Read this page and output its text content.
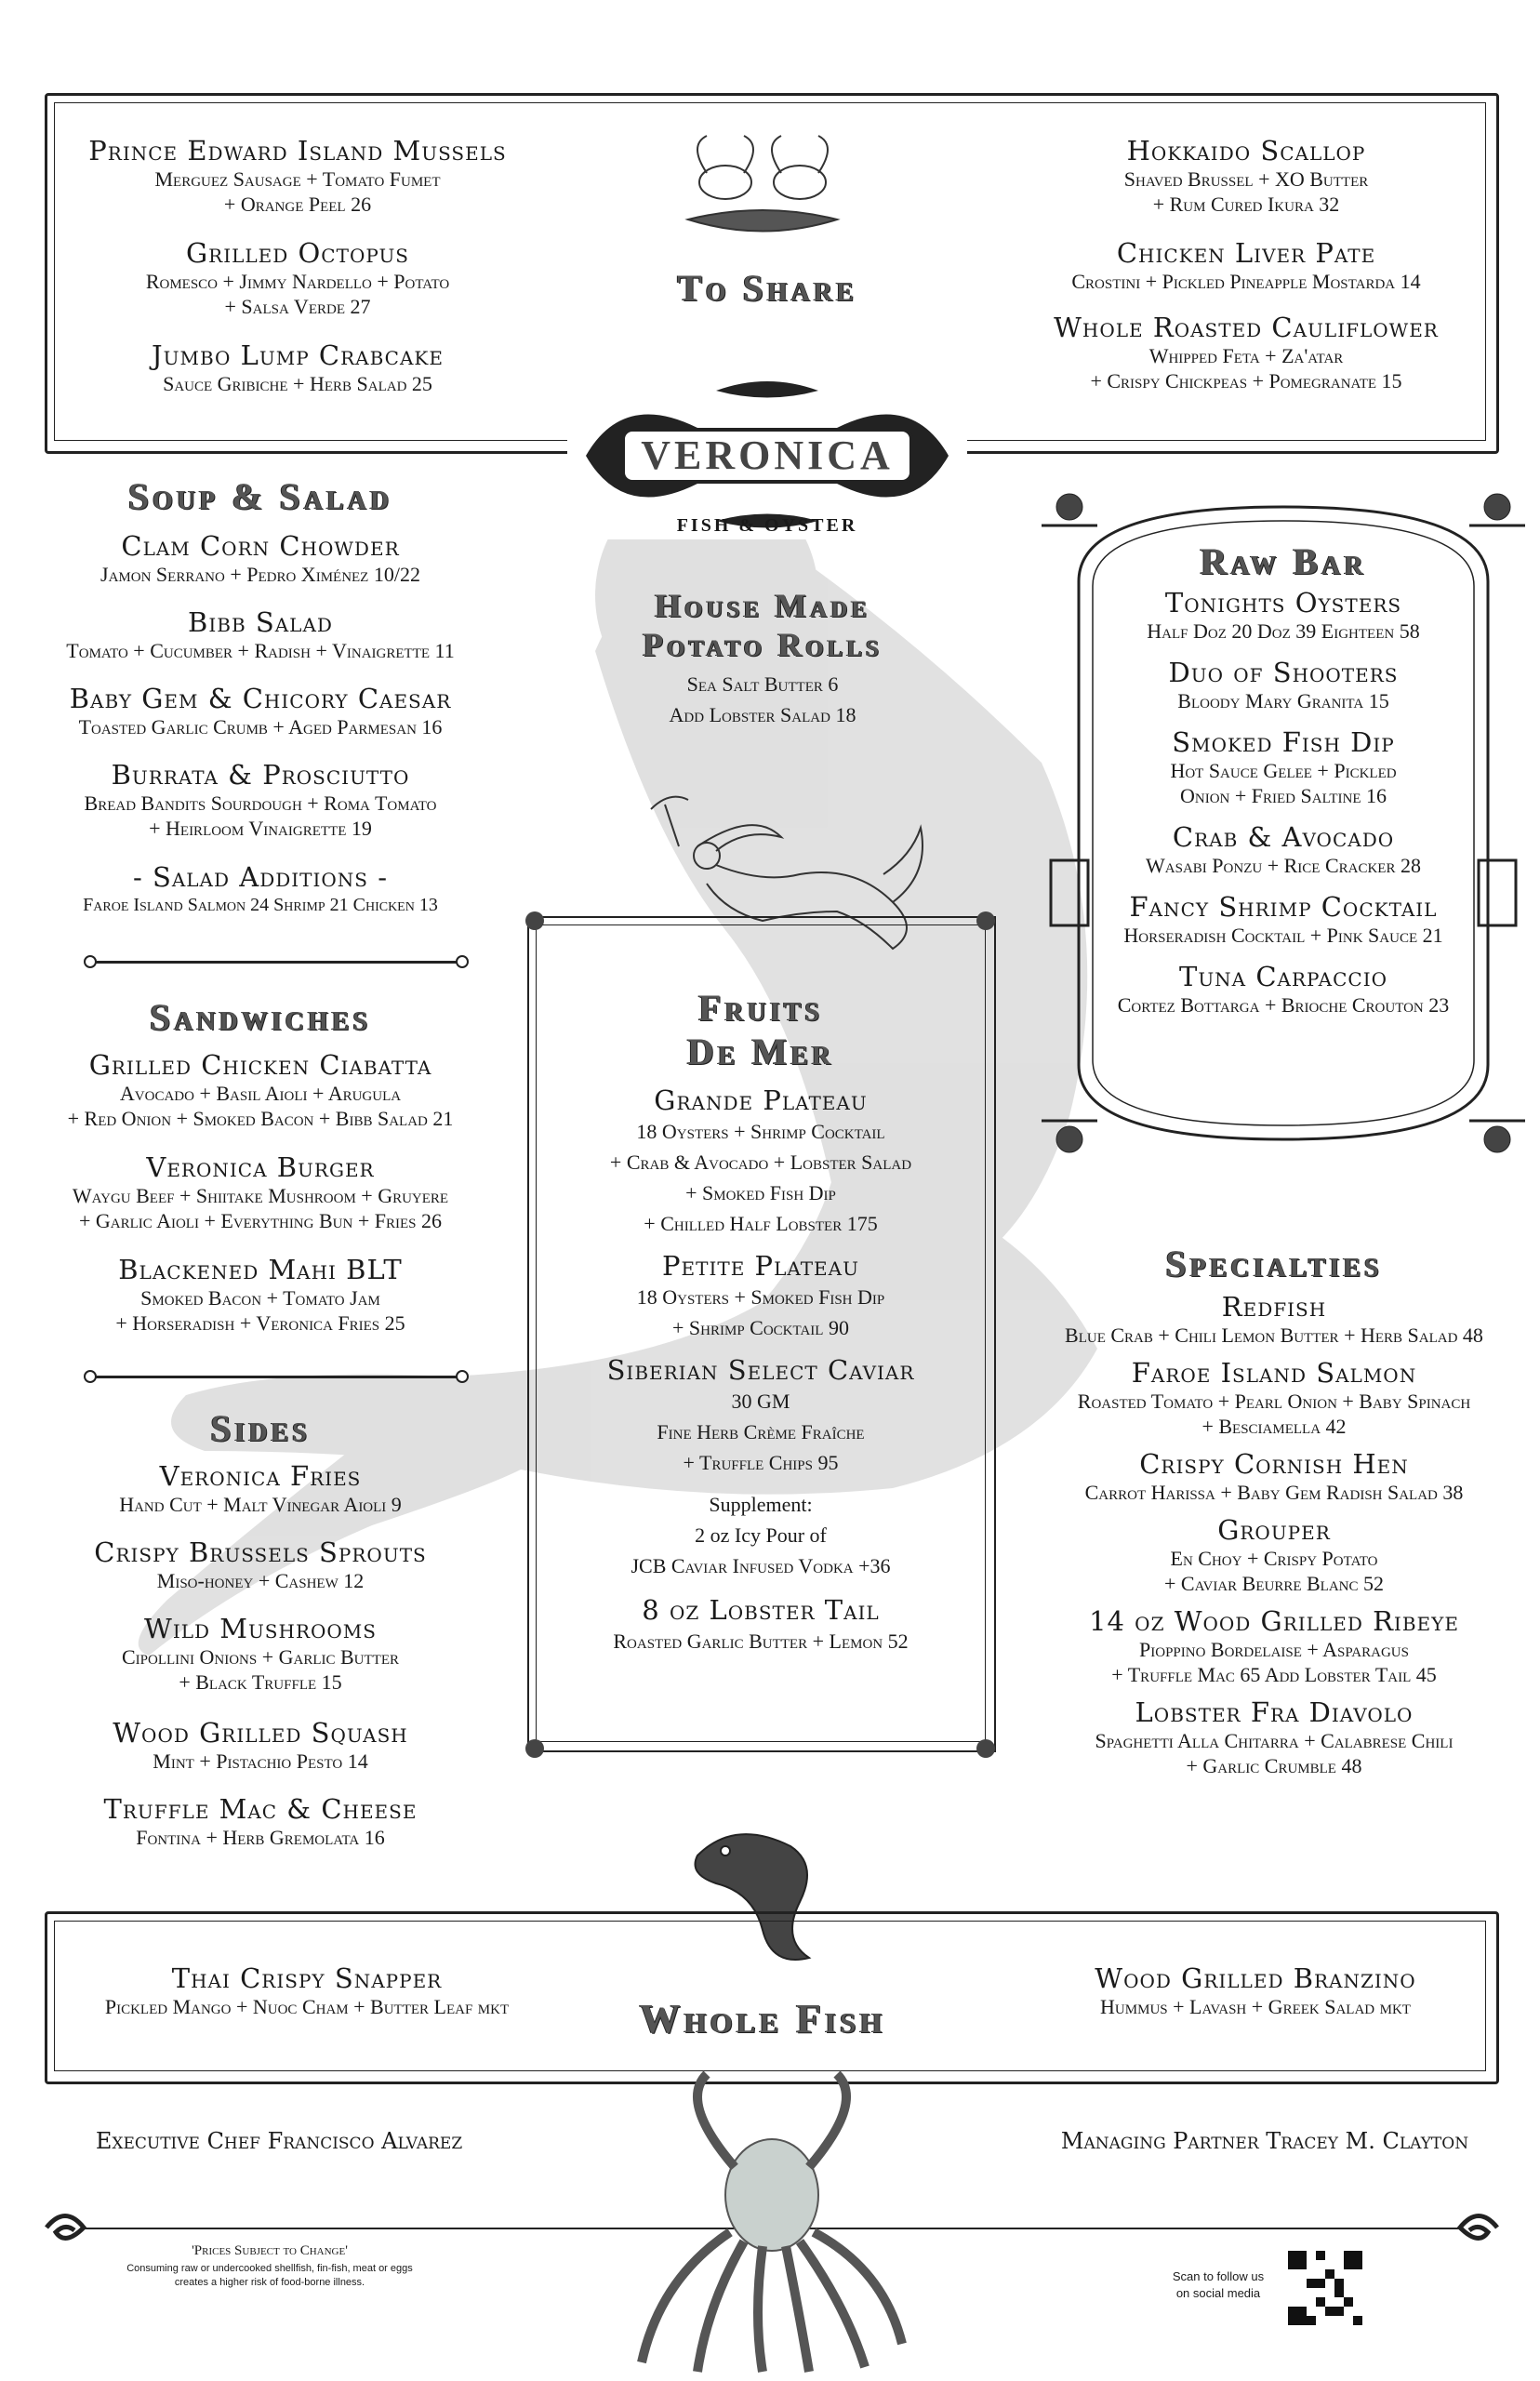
To Share
Prince Edward Island Mussels
Merguez Sausage + Tomato Fumet
+ Orange Peel 26
Grilled Octopus
Romesco + Jimmy Nardello + Potato
+ Salsa Verde 27
Jumbo Lump Crabcake
Sauce Gribiche + Herb Salad 25
Hokkaido Scallop
Shaved Brussel + XO Butter
+ Rum Cured Ikura 32
Chicken Liver Pate
Crostini + Pickled Pineapple Mostarda 14
Whole Roasted Cauliflower
Whipped Feta + Za'atar
+ Crispy Chickpeas + Pomegranate 15
VERONICA
FISH & OYSTER
Soup & Salad
Clam Corn Chowder
Jamon Serrano + Pedro Ximénez 10/22
Bibb Salad
Tomato + Cucumber + Radish + Vinaigrette 11
Baby Gem & Chicory Caesar
Toasted Garlic Crumb + Aged Parmesan 16
Burrata & Prosciutto
Bread Bandits Sourdough + Roma Tomato
+ Heirloom Vinaigrette 19
- Salad Additions -
Faroe Island Salmon 24 Shrimp 21 Chicken 13
Sandwiches
Grilled Chicken Ciabatta
Avocado + Basil Aioli + Arugula
+ Red Onion + Smoked Bacon + Bibb Salad 21
Veronica Burger
Waygu Beef + Shiitake Mushroom + Gruyere
+ Garlic Aioli + Everything Bun + Fries 26
Blackened Mahi BLT
Smoked Bacon + Tomato Jam
+ Horseradish + Veronica Fries 25
Sides
Veronica Fries
Hand Cut + Malt Vinegar Aioli 9
Crispy Brussels Sprouts
Miso-honey + Cashew 12
Wild Mushrooms
Cipollini Onions + Garlic Butter
+ Black Truffle 15
Wood Grilled Squash
Mint + Pistachio Pesto 14
Truffle Mac & Cheese
Fontina + Herb Gremolata 16
House Made
Potato Rolls
Sea Salt Butter 6
Add Lobster Salad 18
Fruits
De Mer
Grande Plateau
18 Oysters + Shrimp Cocktail
+ Crab & Avocado + Lobster Salad
+ Smoked Fish Dip
+ Chilled Half Lobster 175
Petite Plateau
18 Oysters + Smoked Fish Dip
+ Shrimp Cocktail 90
Siberian Select Caviar
30 GM
Fine Herb Crème Fraîche
+ Truffle Chips 95
Supplement:
2 oz Icy Pour of
JCB Caviar Infused Vodka +36
8 oz Lobster Tail
Roasted Garlic Butter + Lemon 52
Raw Bar
Tonights Oysters
Half Doz 20 Doz 39 Eighteen 58
Duo of Shooters
Bloody Mary Granita 15
Smoked Fish Dip
Hot Sauce Gelee + Pickled
Onion + Fried Saltine 16
Crab & Avocado
Wasabi Ponzu + Rice Cracker 28
Fancy Shrimp Cocktail
Horseradish Cocktail + Pink Sauce 21
Tuna Carpaccio
Cortez Bottarga + Brioche Crouton 23
Specialties
Redfish
Blue Crab + Chili Lemon Butter + Herb Salad 48
Faroe Island Salmon
Roasted Tomato + Pearl Onion + Baby Spinach
+ Besciamella 42
Crispy Cornish Hen
Carrot Harissa + Baby Gem Radish Salad 38
Grouper
En Choy + Crispy Potato
+ Caviar Beurre Blanc 52
14 oz Wood Grilled Ribeye
Pioppino Bordelaise + Asparagus
+ Truffle Mac 65 Add Lobster Tail 45
Lobster Fra Diavolo
Spaghetti Alla Chitarra + Calabrese Chili
+ Garlic Crumble 48
Whole Fish
Thai Crispy Snapper
Pickled Mango + Nuoc Cham + Butter Leaf mkt
Wood Grilled Branzino
Hummus + Lavash + Greek Salad mkt
Executive Chef Francisco Alvarez	Managing Partner Tracey M. Clayton
'Prices Subject to Change'
Consuming raw or undercooked shellfish, fin-fish, meat or eggs
creates a higher risk of food-borne illness.	Scan to follow us
on social media
